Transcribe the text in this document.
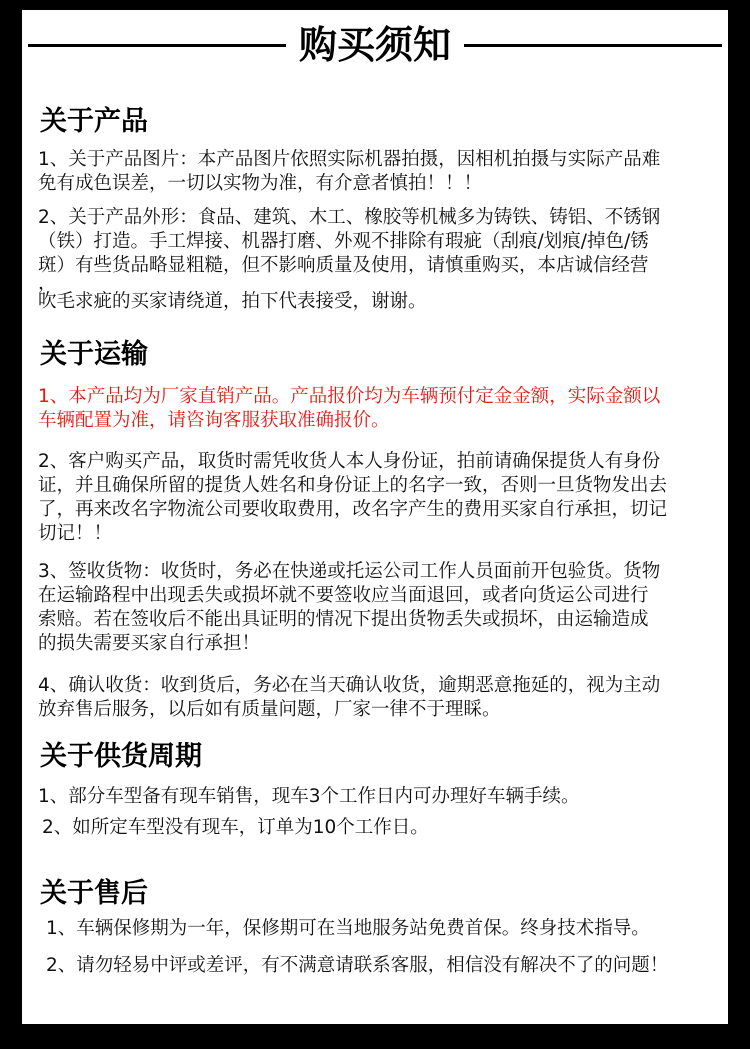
购买须知
关于产品
1、关于产品图片：本产品图片依照实际机器拍摄，因相机拍摄与实际产品难
免有成色误差，一切以实物为准，有介意者慎拍！！！
2、关于产品外形：食品、建筑、木工、橡胶等机械多为铸铁、铸铝、不锈钢
（铁）打造。手工焊接、机器打磨、外观不排除有瑕疵（刮痕/划痕/掉色/锈
斑）有些货品略显粗糙，但不影响质量及使用，请慎重购买，本店诚信经营
，
吹毛求疵的买家请绕道，拍下代表接受，谢谢。
关于运输
1、本产品均为厂家直销产品。产品报价均为车辆预付定金金额，实际金额以
车辆配置为准，请咨询客服获取准确报价。
2、客户购买产品，取货时需凭收货人本人身份证，拍前请确保提货人有身份
证，并且确保所留的提货人姓名和身份证上的名字一致，否则一旦货物发出去
了，再来改名字物流公司要收取费用，改名字产生的费用买家自行承担，切记
切记！！
3、签收货物：收货时，务必在快递或托运公司工作人员面前开包验货。货物
在运输路程中出现丢失或损坏就不要签收应当面退回，或者向货运公司进行
索赔。若在签收后不能出具证明的情况下提出货物丢失或损坏，由运输造成
的损失需要买家自行承担！
4、确认收货：收到货后，务必在当天确认收货，逾期恶意拖延的，视为主动
放弃售后服务，以后如有质量问题，厂家一律不于理睬。
关于供货周期
1、部分车型备有现车销售，现车3个工作日内可办理好车辆手续。
2、如所定车型没有现车，订单为10个工作日。
关于售后
1、车辆保修期为一年，保修期可在当地服务站免费首保。终身技术指导。
2、请勿轻易中评或差评，有不满意请联系客服，相信没有解决不了的问题！
